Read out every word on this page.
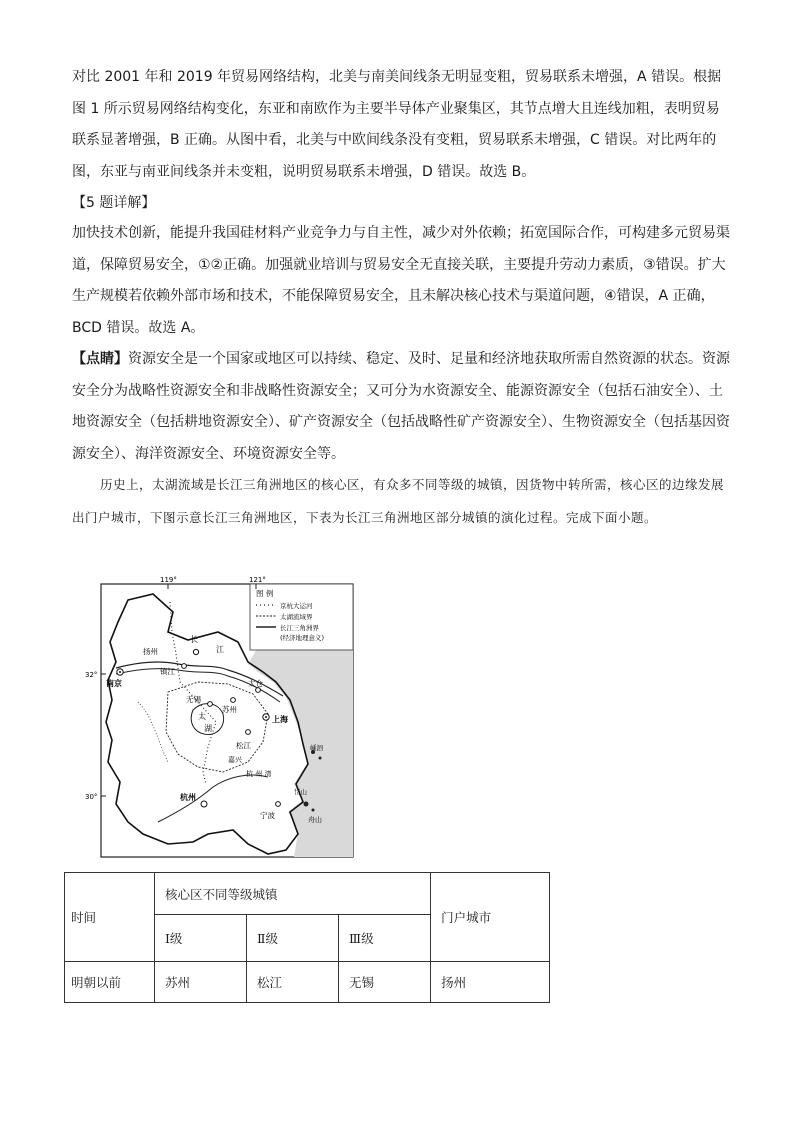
对比 2001 年和 2019 年贸易网络结构，北美与南美间线条无明显变粗，贸易联系未增强，A 错误。根据图 1 所示贸易网络结构变化，东亚和南欧作为主要半导体产业聚集区，其节点增大且连线加粗，表明贸易联系显著增强，B 正确。从图中看，北美与中欧间线条没有变粗，贸易联系未增强，C 错误。对比两年的图，东亚与南亚间线条并未变粗，说明贸易联系未增强，D 错误。故选 B。

【5 题详解】

加快技术创新，能提升我国硅材料产业竞争力与自主性，减少对外依赖；拓宽国际合作，可构建多元贸易渠道，保障贸易安全，①②正确。加强就业培训与贸易安全无直接关联，主要提升劳动力素质，③错误。扩大生产规模若依赖外部市场和技术，不能保障贸易安全，且未解决核心技术与渠道问题，④错误，A 正确，BCD 错误。故选 A。

【点睛】资源安全是一个国家或地区可以持续、稳定、及时、足量和经济地获取所需自然资源的状态。资源安全分为战略性资源安全和非战略性资源安全；又可分为水资源安全、能源资源安全（包括石油安全）、土地资源安全（包括耕地资源安全）、矿产资源安全（包括战略性矿产资源安全）、生物资源安全（包括基因资源安全）、海洋资源安全、环境资源安全等。

历史上，太湖流域是长江三角洲地区的核心区，有众多不同等级的城镇，因货物中转所需，核心区的边缘发展出门户城市，下图示意长江三角洲地区，下表为长江三角洲地区部分城镇的演化过程。完成下面小题。

图 例
京杭大运河
太湖流域界
长江三角洲界
(经济地理意义)
119°	121°
32°
30°
南京
扬州
镇江
无锡
苏州
太仓
上海
松江
嘉兴
杭州
宁波	舟山
长
江
太
湖
杭 州 湾
嵊泗
岱山
时间	核心区不同等级城镇			门户城市
	Ⅰ级	Ⅱ级	Ⅲ级	
明朝以前	苏州	松江	无锡	扬州
